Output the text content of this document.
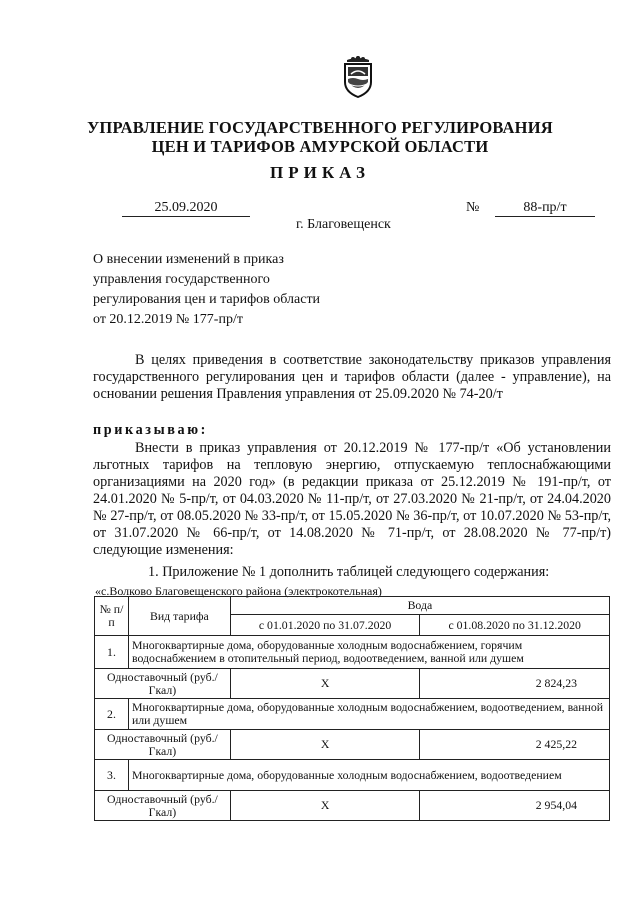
УПРАВЛЕНИЕ ГОСУДАРСТВЕННОГО РЕГУЛИРОВАНИЯ
ЦЕН И ТАРИФОВ АМУРСКОЙ ОБЛАСТИ
ПРИКАЗ
25.09.2020	№	88-пр/т
г. Благовещенск
О внесении изменений в приказ
управления государственного
регулирования цен и тарифов области
от 20.12.2019 № 177-пр/т
В целях приведения в соответствие законодательству приказов управления государственного регулирования цен и тарифов области (далее - управление), на основании решения Правления управления от 25.09.2020 № 74-20/т
приказываю:
Внести в приказ управления от 20.12.2019 № 177-пр/т «Об установлении льготных тарифов на тепловую энергию, отпускаемую теплоснабжающими организациями на 2020 год» (в редакции приказа от 25.12.2019 № 191-пр/т, от 24.01.2020 № 5-пр/т, от 04.03.2020 № 11-пр/т, от 27.03.2020 № 21-пр/т, от 24.04.2020 № 27-пр/т, от 08.05.2020 № 33-пр/т, от 15.05.2020 № 36-пр/т, от 10.07.2020 № 53-пр/т, от 31.07.2020 № 66-пр/т, от 14.08.2020 № 71-пр/т, от 28.08.2020 № 77-пр/т) следующие изменения:
1. Приложение № 1 дополнить таблицей следующего содержания:
«с.Волково Благовещенского района (электрокотельная)
№ п/п	Вид тарифа	Вода	
		с 01.01.2020 по 31.07.2020	с 01.08.2020 по 31.12.2020
1.	Многоквартирные дома, оборудованные холодным водоснабжением, горячим водоснабжением в отопительный период, водоотведением, ванной или душем		
Одноставочный (руб./Гкал)		X	2 824,23
2.	Многоквартирные дома, оборудованные холодным водоснабжением, водоотведением, ванной или душем		
Одноставочный (руб./Гкал)		X	2 425,22
3.	Многоквартирные дома, оборудованные холодным водоснабжением, водоотведением		
Одноставочный (руб./Гкал)		X	2 954,04
